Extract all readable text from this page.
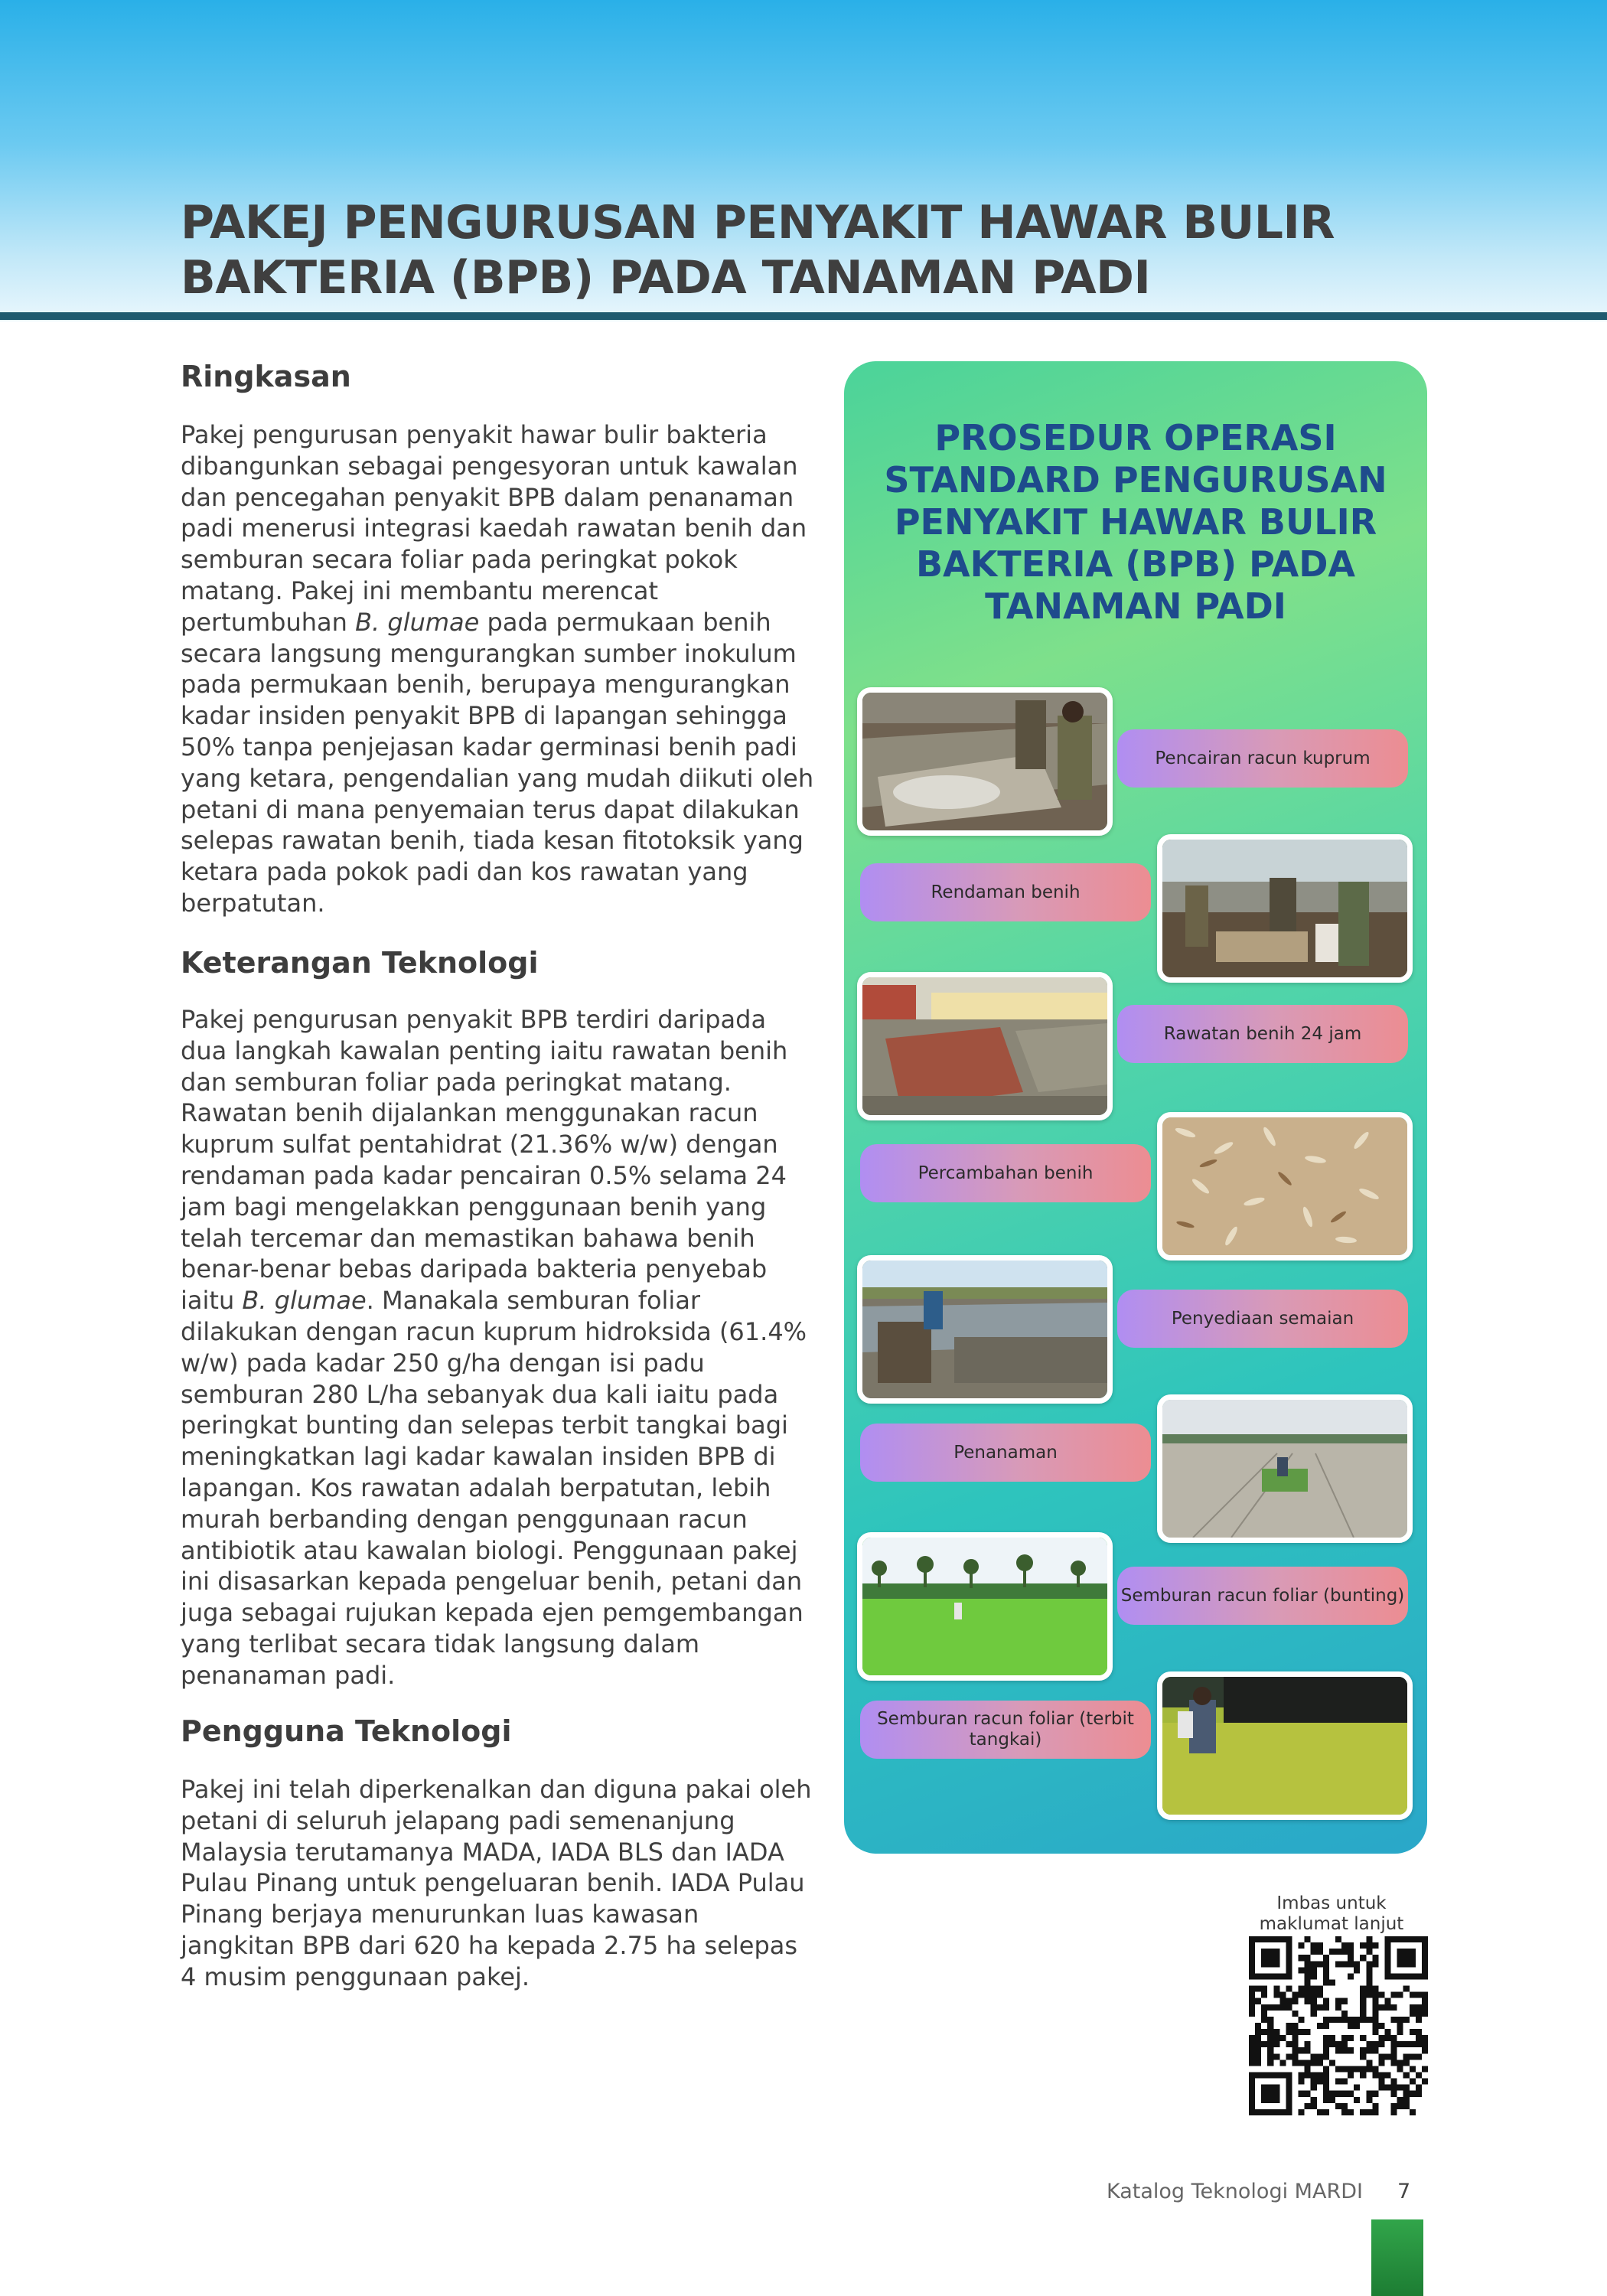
PAKEJ PENGURUSAN PENYAKIT HAWAR BULIR
BAKTERIA (BPB) PADA TANAMAN PADI
Ringkasan

Pakej pengurusan penyakit hawar bulir bakteria dibangunkan sebagai pengesyoran untuk kawalan dan pencegahan penyakit BPB dalam penanaman padi menerusi integrasi kaedah rawatan benih dan semburan secara foliar pada peringkat pokok matang. Pakej ini membantu merencat pertumbuhan B. glumae pada permukaan benih secara langsung mengurangkan sumber inokulum pada permukaan benih, berupaya mengurangkan kadar insiden penyakit BPB di lapangan sehingga 50% tanpa penjejasan kadar germinasi benih padi yang ketara, pengendalian yang mudah diikuti oleh petani di mana penyemaian terus dapat dilakukan selepas rawatan benih, tiada kesan fitotoksik yang ketara pada pokok padi dan kos rawatan yang berpatutan.

Keterangan Teknologi

Pakej pengurusan penyakit BPB terdiri daripada dua langkah kawalan penting iaitu rawatan benih dan semburan foliar pada peringkat matang. Rawatan benih dijalankan menggunakan racun kuprum sulfat pentahidrat (21.36% w/w) dengan rendaman pada kadar pencairan 0.5% selama 24 jam bagi mengelakkan penggunaan benih yang telah tercemar dan memastikan bahawa benih benar-benar bebas daripada bakteria penyebab iaitu B. glumae. Manakala semburan foliar dilakukan dengan racun kuprum hidroksida (61.4% w/w) pada kadar 250 g/ha dengan isi padu semburan 280 L/ha sebanyak dua kali iaitu pada peringkat bunting dan selepas terbit tangkai bagi meningkatkan lagi kadar kawalan insiden BPB di lapangan. Kos rawatan adalah berpatutan, lebih murah berbanding dengan penggunaan racun antibiotik atau kawalan biologi. Penggunaan pakej ini disasarkan kepada pengeluar benih, petani dan juga sebagai rujukan kepada ejen pemgembangan yang terlibat secara tidak langsung dalam penanaman padi.

Pengguna Teknologi

Pakej ini telah diperkenalkan dan diguna pakai oleh petani di seluruh jelapang padi semenanjung Malaysia terutamanya MADA, IADA BLS dan IADA Pulau Pinang untuk pengeluaran benih. IADA Pulau Pinang berjaya menurunkan luas kawasan jangkitan BPB dari 620 ha kepada 2.75 ha selepas 4 musim penggunaan pakej.

PROSEDUR OPERASI
STANDARD PENGURUSAN
PENYAKIT HAWAR BULIR
BAKTERIA (BPB) PADA
TANAMAN PADI
Pencairan racun kuprum
Rendaman benih
Rawatan benih 24 jam
Percambahan benih
Penyediaan semaian
Penanaman
Semburan racun foliar (bunting)
Semburan racun foliar (terbit tangkai)
Imbas untuk maklumat lanjut
Katalog Teknologi MARDI 7
